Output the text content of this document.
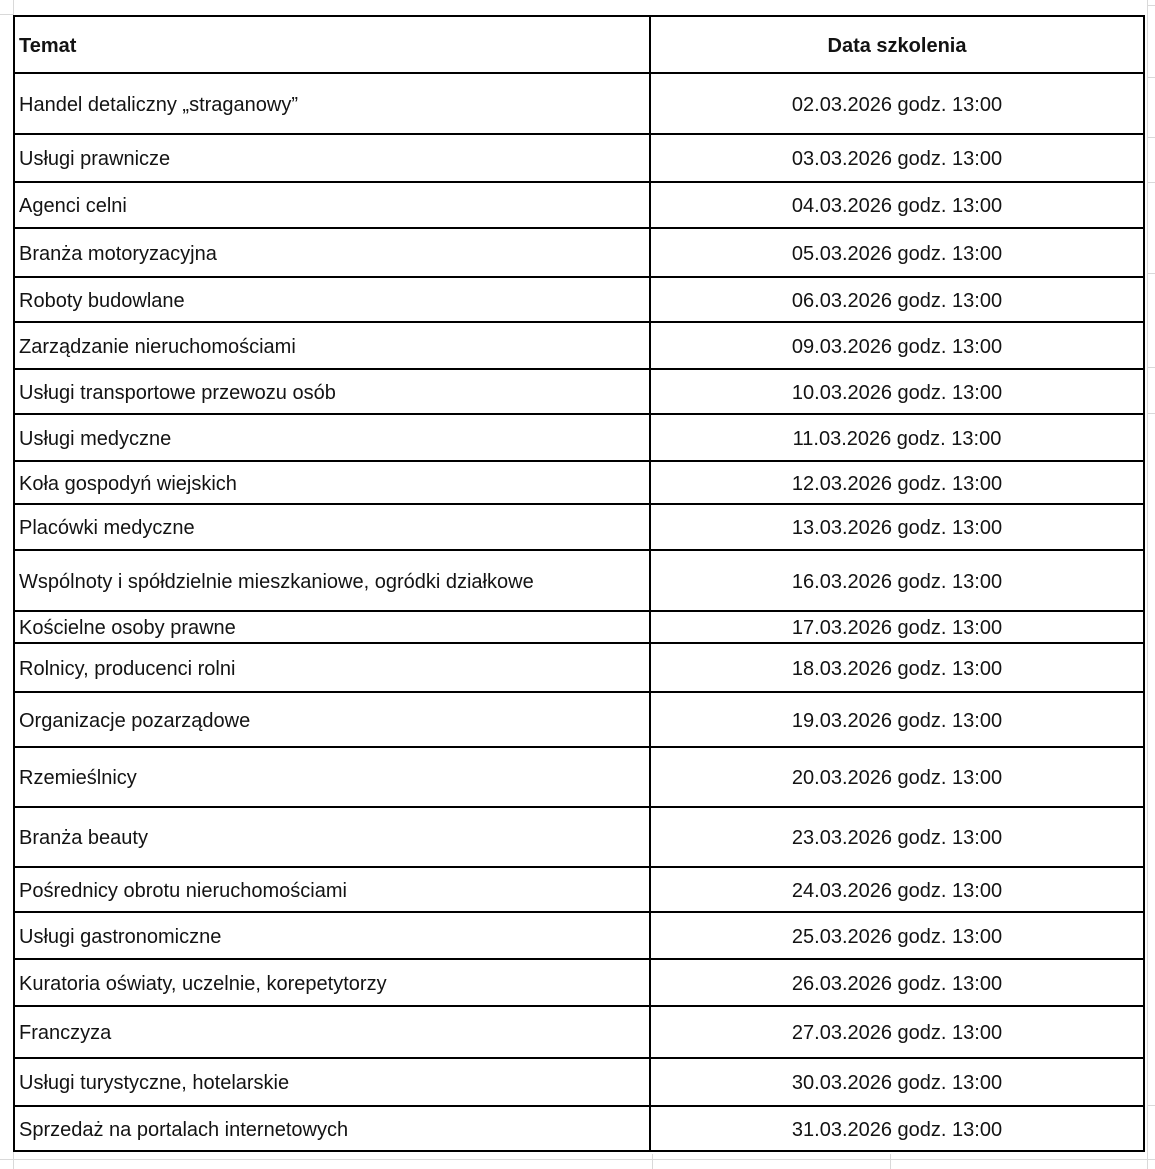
Temat	Data szkolenia
Handel detaliczny „straganowy”	02.03.2026 godz. 13:00
Usługi prawnicze	03.03.2026 godz. 13:00
Agenci celni	04.03.2026 godz. 13:00
Branża motoryzacyjna	05.03.2026 godz. 13:00
Roboty budowlane	06.03.2026 godz. 13:00
Zarządzanie nieruchomościami	09.03.2026 godz. 13:00
Usługi transportowe przewozu osób	10.03.2026 godz. 13:00
Usługi medyczne	11.03.2026 godz. 13:00
Koła gospodyń wiejskich	12.03.2026 godz. 13:00
Placówki medyczne	13.03.2026 godz. 13:00
Wspólnoty i spółdzielnie mieszkaniowe, ogródki działkowe	16.03.2026 godz. 13:00
Kościelne osoby prawne	17.03.2026 godz. 13:00
Rolnicy, producenci rolni	18.03.2026 godz. 13:00
Organizacje pozarządowe	19.03.2026 godz. 13:00
Rzemieślnicy	20.03.2026 godz. 13:00
Branża beauty	23.03.2026 godz. 13:00
Pośrednicy obrotu nieruchomościami	24.03.2026 godz. 13:00
Usługi gastronomiczne	25.03.2026 godz. 13:00
Kuratoria oświaty, uczelnie, korepetytorzy	26.03.2026 godz. 13:00
Franczyza	27.03.2026 godz. 13:00
Usługi turystyczne, hotelarskie	30.03.2026 godz. 13:00
Sprzedaż na portalach internetowych	31.03.2026 godz. 13:00
